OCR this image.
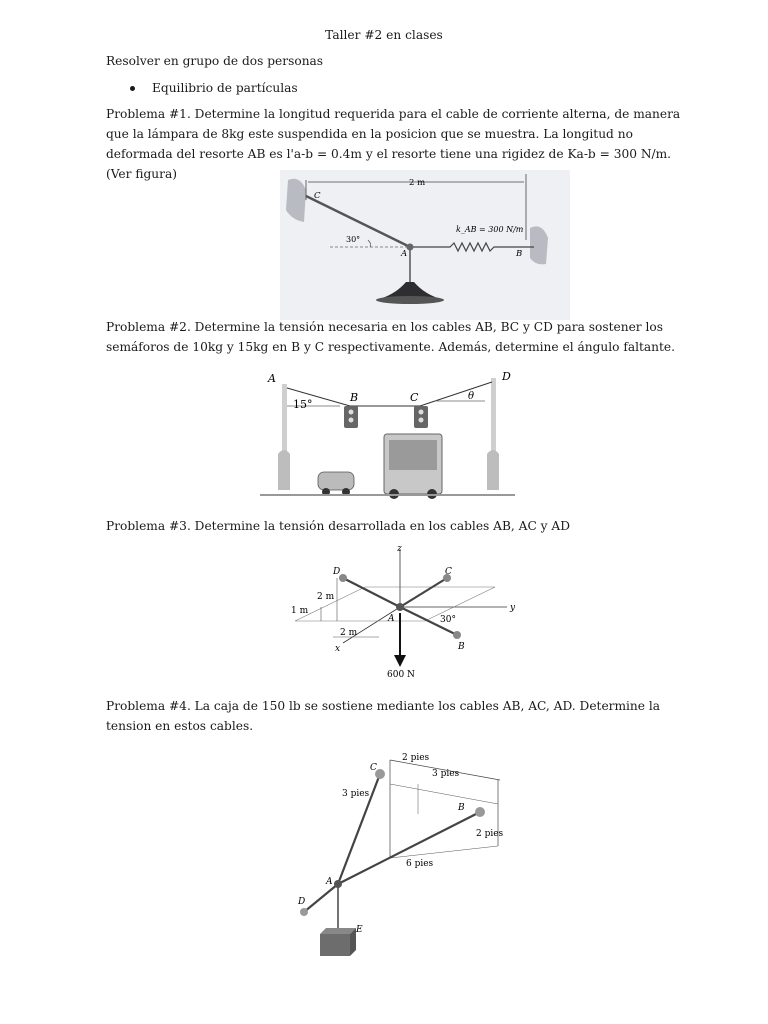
Taller #2 en clases
Resolver en grupo de dos personas
Equilibrio de partículas
Problema #1. Determine la longitud requerida para el cable de corriente alterna, de manera
que la lámpara de 8kg este suspendida en la posicion que se muestra. La longitud no
deformada del resorte AB es l'a-b = 0.4m y el resorte tiene una rigidez de Ka-b = 300 N/m.
(Ver figura)
2 m
30°
k_AB = 300 N/m
C
A	B
Problema #2. Determine la tensión necesaria en los cables AB, BC y CD para sostener los
semáforos de 10kg y 15kg en B y C respectivamente. Además, determine el ángulo faltante.
A
B	C
D
15°
θ
Problema #3. Determine la tensión desarrollada en los cables AB, AC y AD
z
y
x
D	C
A
B
2 m
1 m
2 m
30°
600 N
Problema #4. La caja de 150 lb se sostiene mediante los cables AB, AC, AD. Determine la
tension en estos cables.
2 pies
3 pies
3 pies
2 pies
6 pies
C
B
A
D
E
